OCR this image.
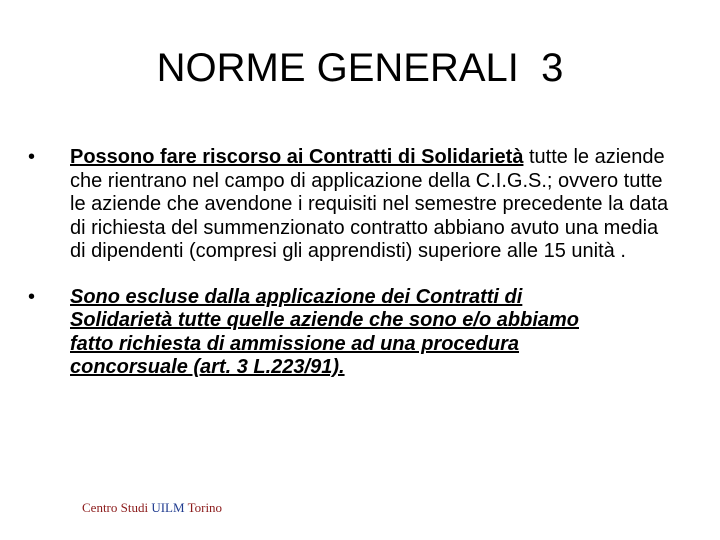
NORME GENERALI  3
• Possono fare riscorso ai Contratti di Solidarietà tutte le aziende che rientrano nel campo di applicazione della C.I.G.S.; ovvero tutte le aziende che avendone i requisiti nel semestre precedente la data di richiesta del summenzionato contratto abbiano avuto una media di dipendenti (compresi gli apprendisti) superiore alle 15 unità .
• Sono escluse dalla applicazione dei Contratti di Solidarietà tutte quelle aziende che sono e/o abbiamo fatto richiesta di ammissione ad una procedura concorsuale (art. 3 L.223/91).
Centro Studi UILM Torino
